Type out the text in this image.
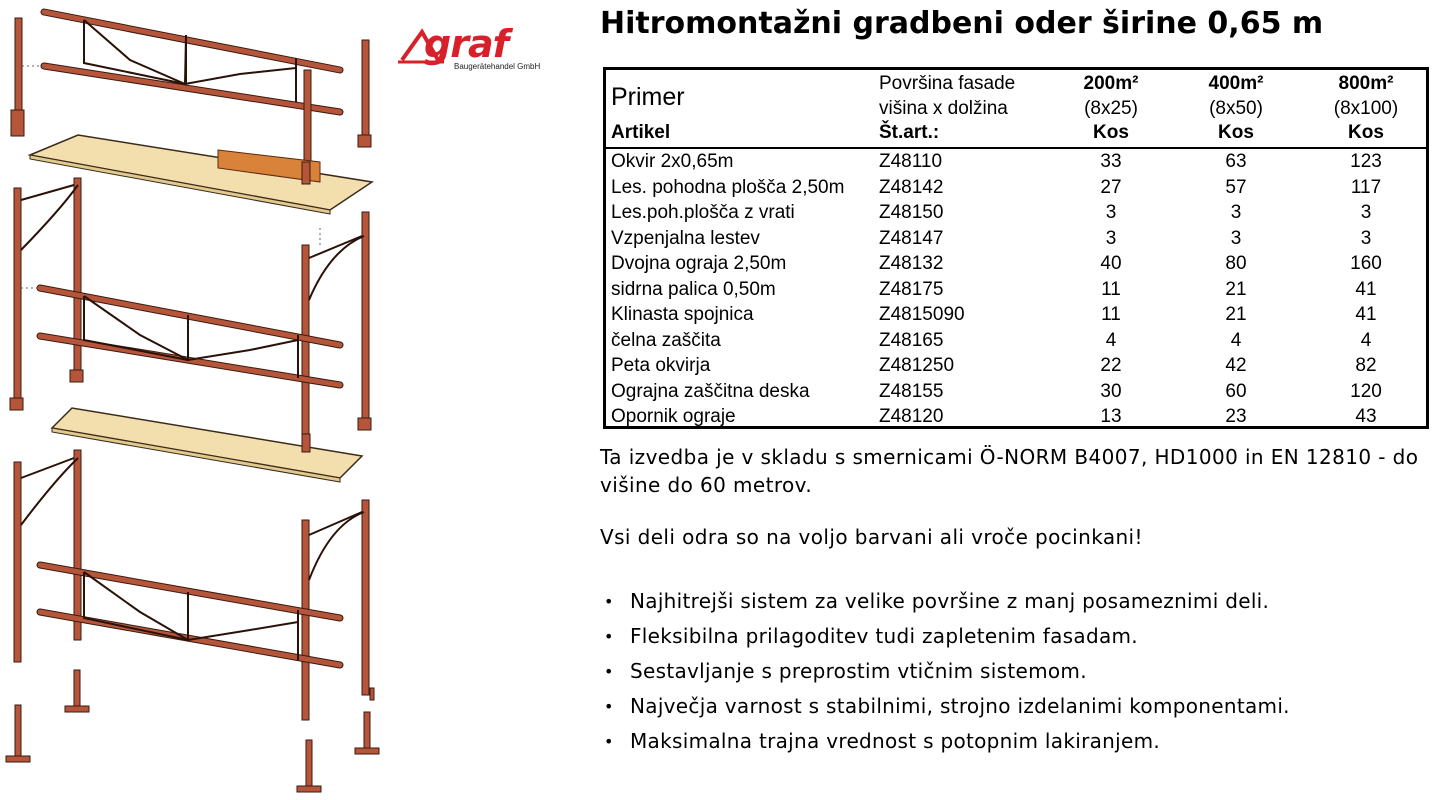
graf
Baugerätehandel GmbH
Hitromontažni gradbeni oder širine 0,65 m
Primer	Površina fasade	200m²	400m²	800m²
višina x dolžina	(8x25)	(8x50)	(8x100)
Artikel	Št.art.:	Kos	Kos	Kos
Okvir 2x0,65m	Z48110	33	63	123
Les. pohodna plošča 2,50m Z48142	27	57	117
Les.poh.plošča z vrati	Z48150	3	3	3
Vzpenjalna lestev	Z48147	3	3	3
Dvojna ograja 2,50m	Z48132	40	80	160
sidrna palica 0,50m	Z48175	11	21	41
Klinasta spojnica	Z4815090	11	21	41
čelna zaščita	Z48165	4	4	4
Peta okvirja	Z481250	22	42	82
Ograjna zaščitna deska	Z48155	30	60	120
Opornik ograje	Z48120	13	23	43

Ta izvedba je v skladu s smernicami Ö-NORM B4007, HD1000 in EN 12810 - do višine do 60 metrov.

Vsi deli odra so na voljo barvani ali vroče pocinkani!

• Najhitrejši sistem za velike površine z manj posameznimi deli.
• Fleksibilna prilagoditev tudi zapletenim fasadam.
• Sestavljanje s preprostim vtičnim sistemom.
• Največja varnost s stabilnimi, strojno izdelanimi komponentami.
• Maksimalna trajna vrednost s potopnim lakiranjem.
